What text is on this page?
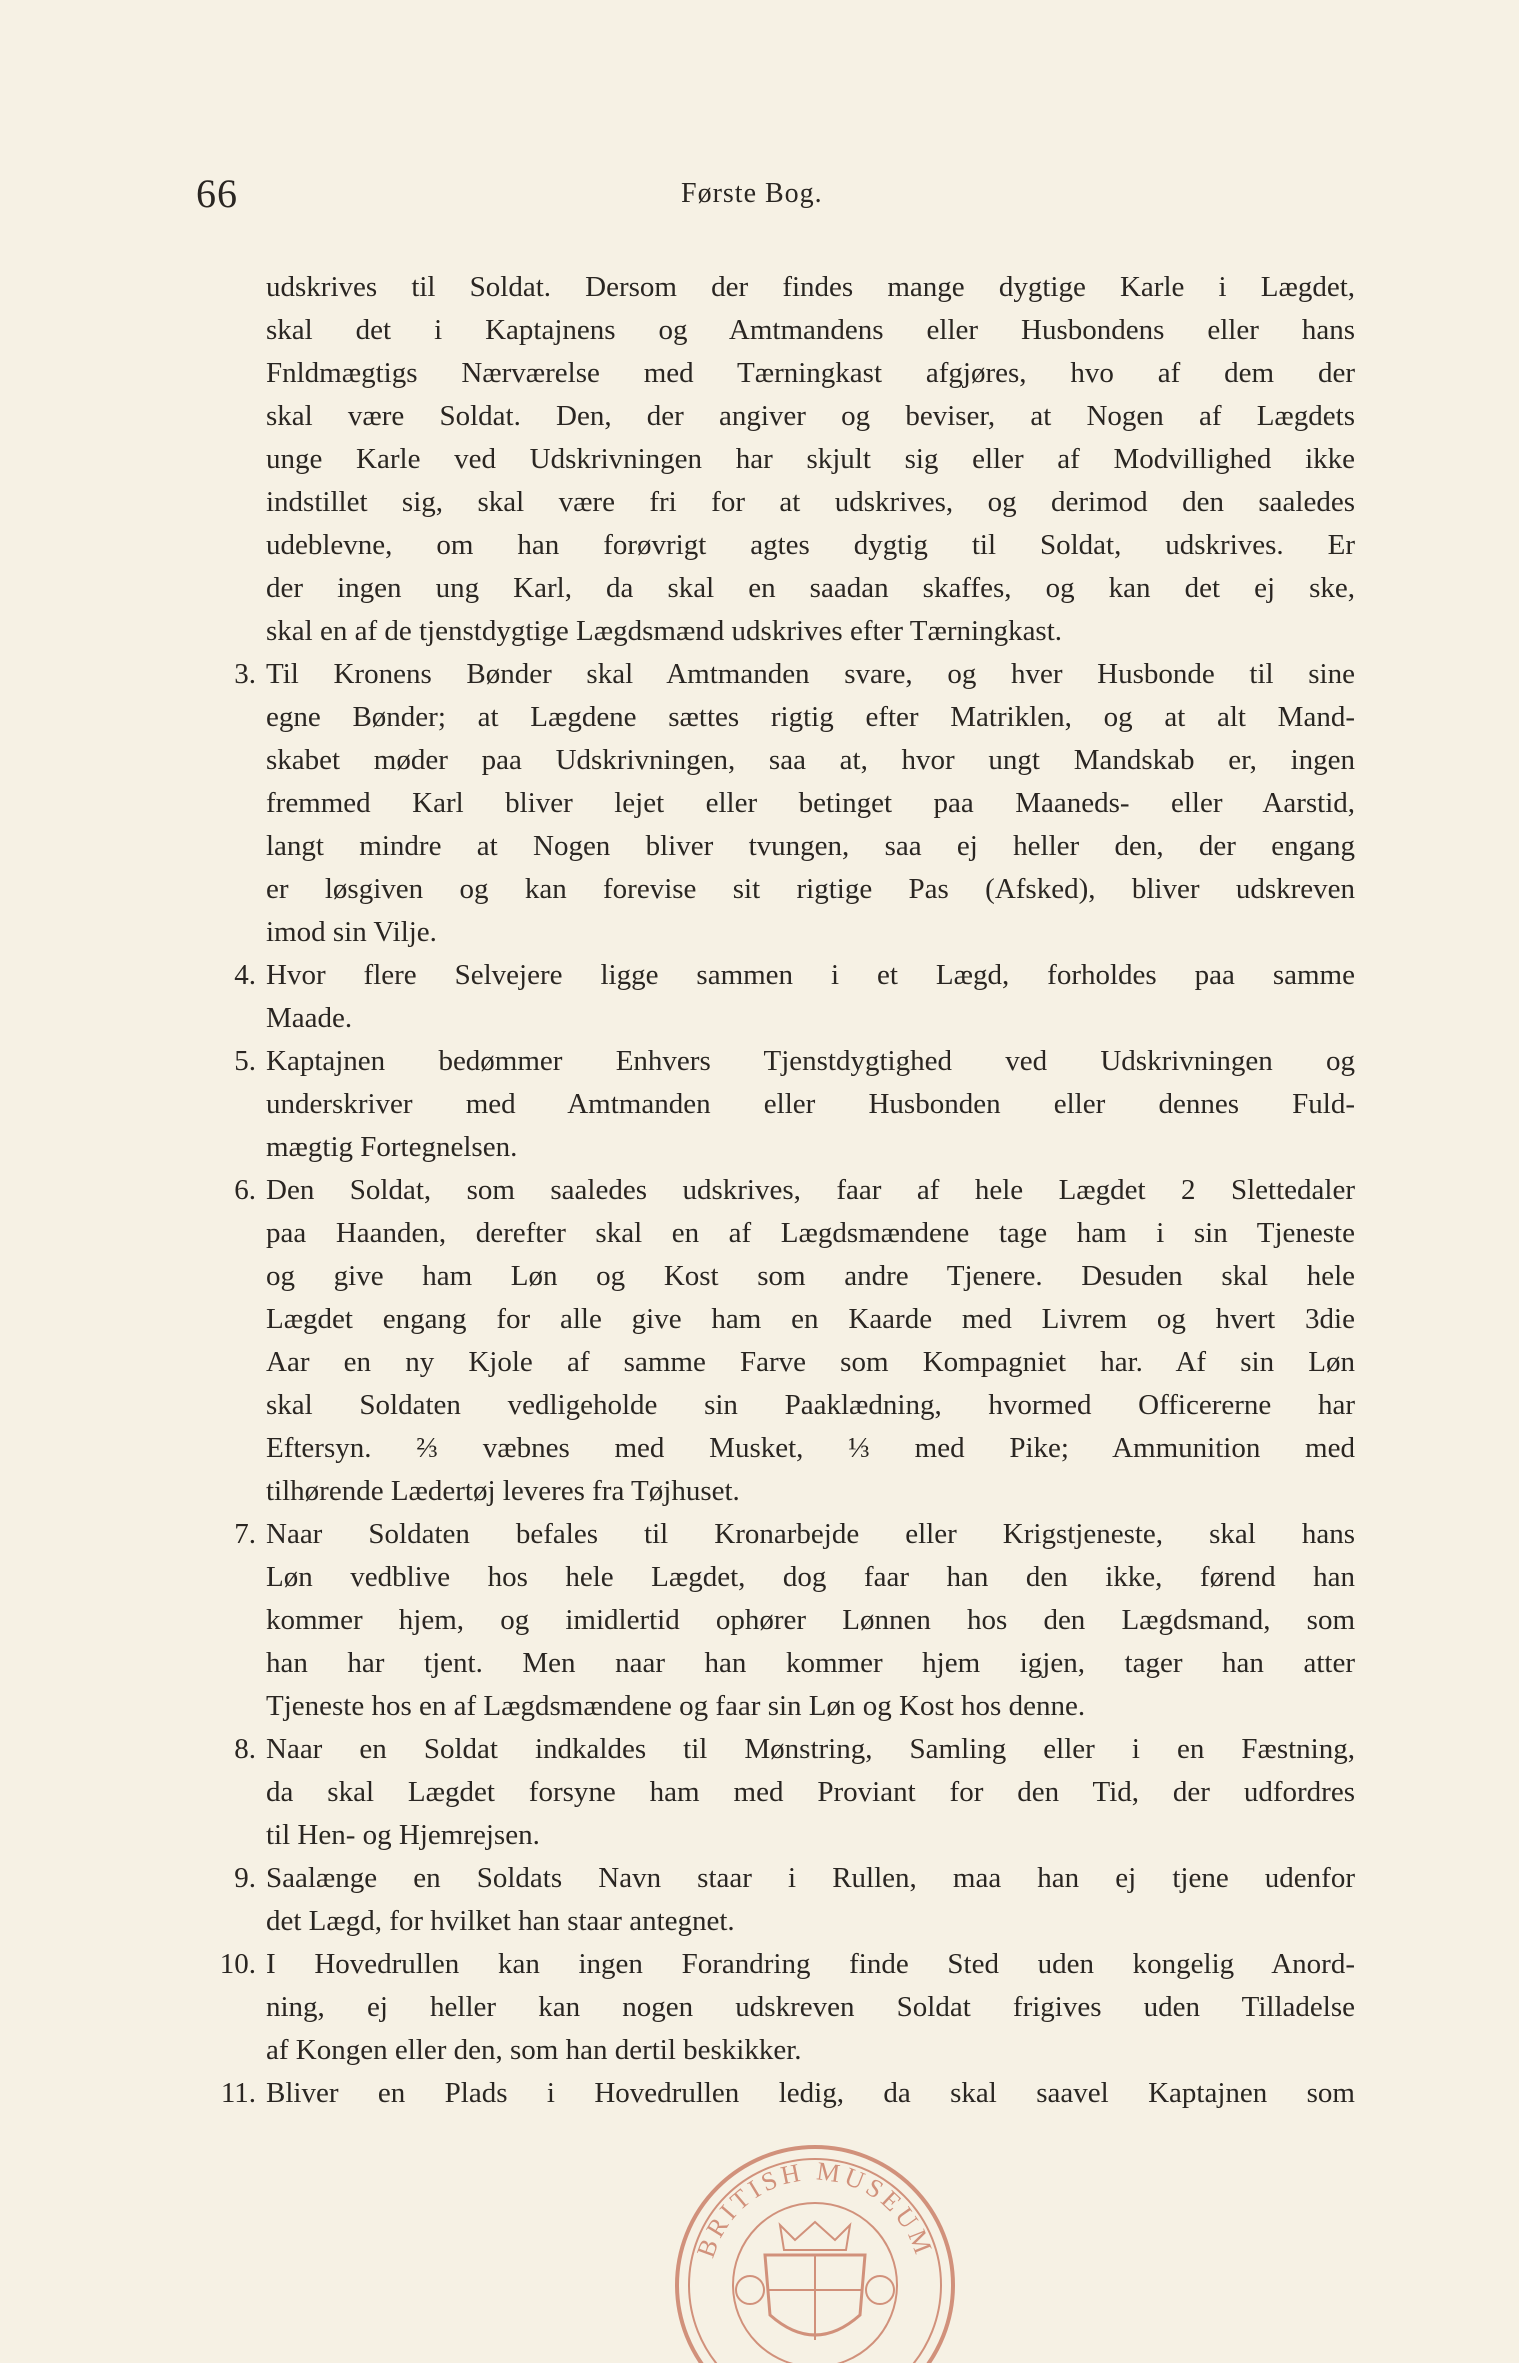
66	Første Bog.
udskrives til Soldat. Dersom der findes mange dygtige Karle i Lægdet,
skal det i Kaptajnens og Amtmandens eller Husbondens eller hans
Fnldmægtigs Nærværelse med Tærningkast afgjøres, hvo af dem der
skal være Soldat. Den, der angiver og beviser, at Nogen af Lægdets
unge Karle ved Udskrivningen har skjult sig eller af Modvillighed ikke
indstillet sig, skal være fri for at udskrives, og derimod den saaledes
udeblevne, om han forøvrigt agtes dygtig til Soldat, udskrives. Er
der ingen ung Karl, da skal en saadan skaffes, og kan det ej ske,
skal en af de tjenstdygtige Lægdsmænd udskrives efter Tærningkast.
3. Til Kronens Bønder skal Amtmanden svare, og hver Husbonde til sine
egne Bønder; at Lægdene sættes rigtig efter Matriklen, og at alt Mand-
skabet møder paa Udskrivningen, saa at, hvor ungt Mandskab er, ingen
fremmed Karl bliver lejet eller betinget paa Maaneds- eller Aarstid,
langt mindre at Nogen bliver tvungen, saa ej heller den, der engang
er løsgiven og kan forevise sit rigtige Pas (Afsked), bliver udskreven
imod sin Vilje.
4. Hvor flere Selvejere ligge sammen i et Lægd, forholdes paa samme
Maade.
5. Kaptajnen bedømmer Enhvers Tjenstdygtighed ved Udskrivningen og
underskriver med Amtmanden eller Husbonden eller dennes Fuld-
mægtig Fortegnelsen.
6. Den Soldat, som saaledes udskrives, faar af hele Lægdet 2 Slettedaler
paa Haanden, derefter skal en af Lægdsmændene tage ham i sin Tjeneste
og give ham Løn og Kost som andre Tjenere. Desuden skal hele
Lægdet engang for alle give ham en Kaarde med Livrem og hvert 3die
Aar en ny Kjole af samme Farve som Kompagniet har. Af sin Løn
skal Soldaten vedligeholde sin Paaklædning, hvormed Officererne har
Eftersyn. ⅔ væbnes med Musket, ⅓ med Pike; Ammunition med
tilhørende Lædertøj leveres fra Tøjhuset.
7. Naar Soldaten befales til Kronarbejde eller Krigstjeneste, skal hans
Løn vedblive hos hele Lægdet, dog faar han den ikke, førend han
kommer hjem, og imidlertid ophører Lønnen hos den Lægdsmand, som
han har tjent. Men naar han kommer hjem igjen, tager han atter
Tjeneste hos en af Lægdsmændene og faar sin Løn og Kost hos denne.
8. Naar en Soldat indkaldes til Mønstring, Samling eller i en Fæstning,
da skal Lægdet forsyne ham med Proviant for den Tid, der udfordres
til Hen- og Hjemrejsen.
9. Saalænge en Soldats Navn staar i Rullen, maa han ej tjene udenfor
det Lægd, for hvilket han staar antegnet.
10. I Hovedrullen kan ingen Forandring finde Sted uden kongelig Anord-
ning, ej heller kan nogen udskreven Soldat frigives uden Tilladelse
af Kongen eller den, som han dertil beskikker.
11. Bliver en Plads i Hovedrullen ledig, da skal saavel Kaptajnen som
BRITISH MUSEUM
